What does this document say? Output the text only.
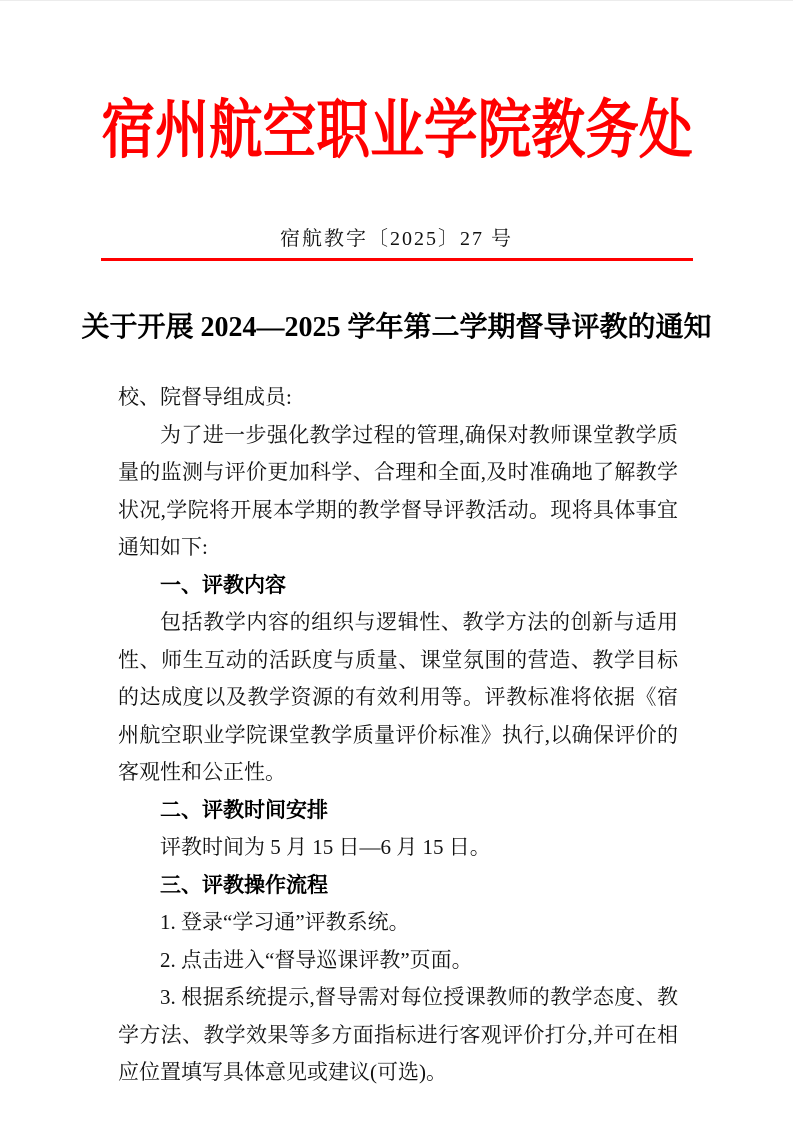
宿州航空职业学院教务处
宿航教字〔2025〕27 号
关于开展 2024—2025 学年第二学期督导评教的通知

校、院督导组成员:

为了进一步强化教学过程的管理,确保对教师课堂教学质量的监测与评价更加科学、合理和全面,及时准确地了解教学状况,学院将开展本学期的教学督导评教活动。现将具体事宜通知如下:

一、评教内容

包括教学内容的组织与逻辑性、教学方法的创新与适用性、师生互动的活跃度与质量、课堂氛围的营造、教学目标的达成度以及教学资源的有效利用等。评教标准将依据《宿州航空职业学院课堂教学质量评价标准》执行,以确保评价的客观性和公正性。

二、评教时间安排

评教时间为 5 月 15 日—6 月 15 日。

三、评教操作流程

1. 登录“学习通”评教系统。

2. 点击进入“督导巡课评教”页面。

3. 根据系统提示,督导需对每位授课教师的教学态度、教学方法、教学效果等多方面指标进行客观评价打分,并可在相应位置填写具体意见或建议(可选)。
